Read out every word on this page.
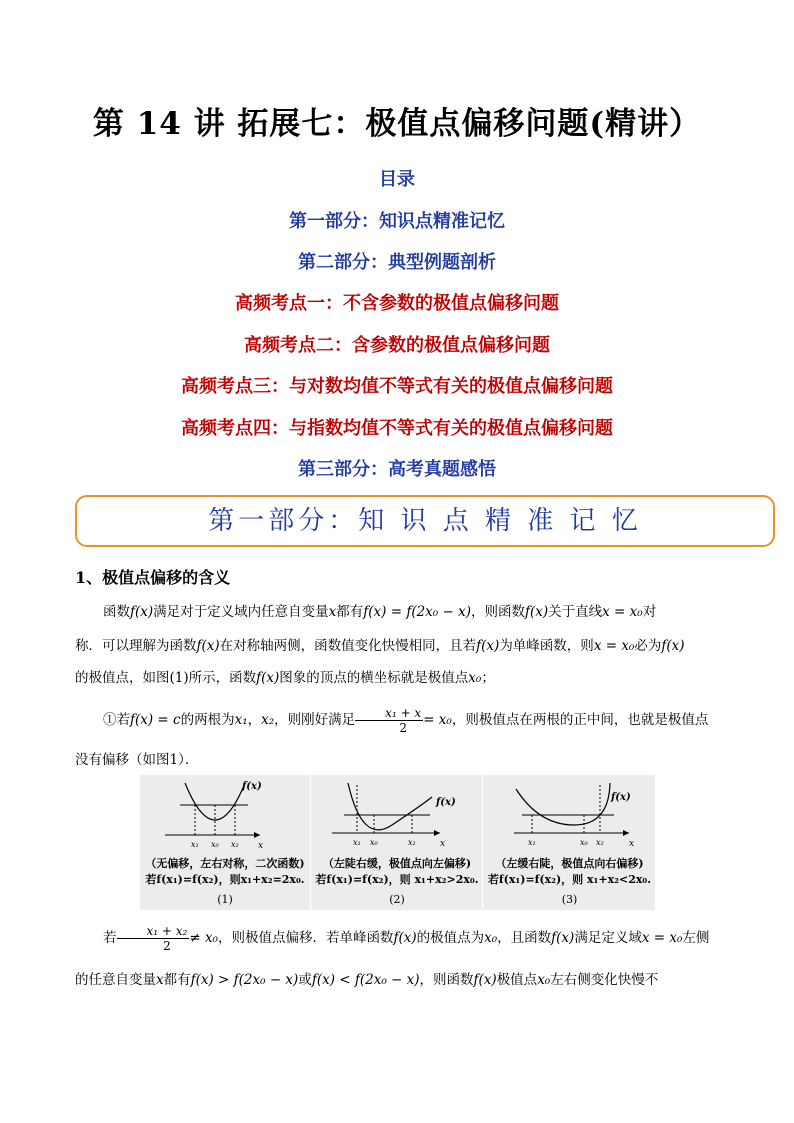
第 14 讲 拓展七：极值点偏移问题(精讲）
目录
第一部分：知识点精准记忆
第二部分：典型例题剖析
高频考点一：不含参数的极值点偏移问题
高频考点二：含参数的极值点偏移问题
高频考点三：与对数均值不等式有关的极值点偏移问题
高频考点四：与指数均值不等式有关的极值点偏移问题
第三部分：高考真题感悟
第一部分：知 识 点 精 准 记 忆
1、极值点偏移的含义
函数f(x)满足对于定义域内任意自变量x都有f(x) = f(2x₀ − x)，则函数f(x)关于直线x = x₀对
称．可以理解为函数f(x)在对称轴两侧，函数值变化快慢相同，且若f(x)为单峰函数，则x = x₀必为f(x)
的极值点，如图(1)所示，函数f(x)图象的顶点的横坐标就是极值点x₀；
①若f(x) = c的两根为x₁，x₂，则刚好满足 $\frac{\text{x₁ + x}}{2} = x_0$，则极值点在两根的正中间，也就是极值点
没有偏移（如图1）．
f(x)
x
x₁ x₀ x₂
（无偏移，左右对称，二次函数)
若f(x₁)=f(x₂)，则x₁+x₂=2x₀.
(1)
f(x)
x
x₁ x₀	x₂
（左陡右缓，极值点向左偏移)
若f(x₁)=f(x₂)，则 x₁+x₂>2x₀.
(2)
f(x)
x
x₁	x₀ x₂
（左缓右陡，极值点向右偏移)
若f(x₁)=f(x₂)，则 x₁+x₂<2x₀.
(3)
若 $\frac{\text{x₁ + x₂}}{2} \ne x_0$，则极值点偏移．若单峰函数f(x)的极值点为x₀，且函数f(x)满足定义域x = x₀左侧
的任意自变量x都有f(x) > f(2x₀ − x)或f(x) < f(2x₀ − x)，则函数f(x)极值点x₀左右侧变化快慢不
